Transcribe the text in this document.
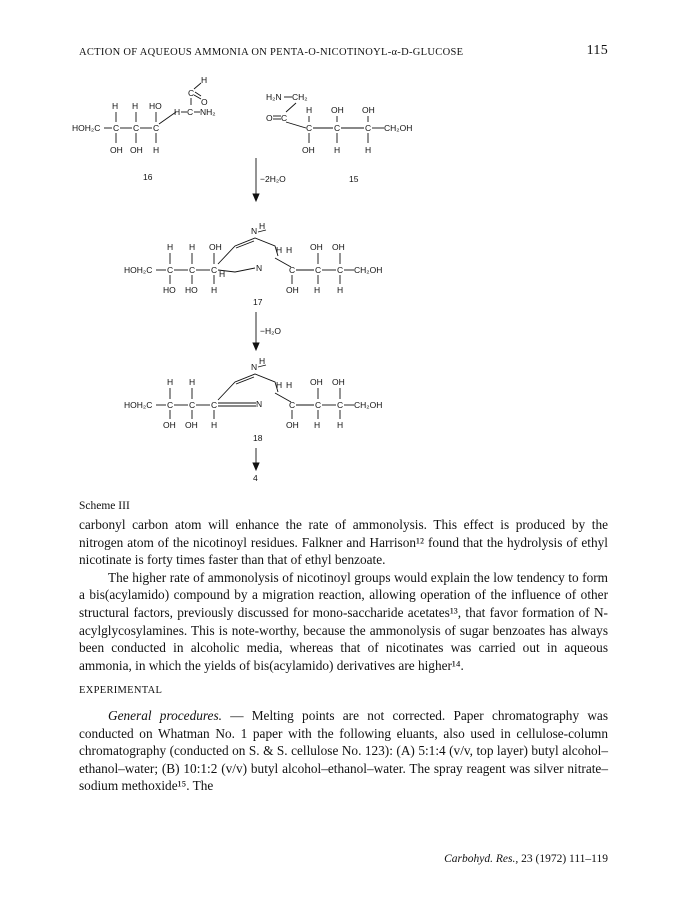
ACTION OF AQUEOUS AMMONIA ON PENTA-O-NICOTINOYL-α-D-GLUCOSE	115
HOH₂C C C C
H H HO
OH OH H
H C NH₂
C
H
O
16
H₂N CH₂
O C
C	C	C CH₂OH
H OH OH
OH H	H
15
−2H₂O
HOH₂C C C C
H H OH
HO HO H
H
N H
N
H H
C C C CH₂OH
OH OH
OH H H
17
−H₂O
HOH₂C C C C
H H
OH OH H
N
H
N
H H
C C C CH₂OH
OH OH
OH H H
18
4
Scheme III

carbonyl carbon atom will enhance the rate of ammonolysis. This effect is produced by the nitrogen atom of the nicotinoyl residues. Falkner and Harrison¹² found that the hydrolysis of ethyl nicotinate is forty times faster than that of ethyl benzoate.

The higher rate of ammonolysis of nicotinoyl groups would explain the low tendency to form a bis(acylamido) compound by a migration reaction, allowing operation of the influence of other structural factors, previously discussed for mono-saccharide acetates¹³, that favor formation of N-acylglycosylamines. This is note-worthy, because the ammonolysis of sugar benzoates has always been conducted in alcoholic media, whereas that of nicotinates was carried out in aqueous ammonia, in which the yields of bis(acylamido) derivatives are higher¹⁴.

EXPERIMENTAL

General procedures. — Melting points are not corrected. Paper chromatography was conducted on Whatman No. 1 paper with the following eluants, also used in cellulose-column chromatography (conducted on S. & S. cellulose No. 123): (A) 5:1:4 (v/v, top layer) butyl alcohol–ethanol–water; (B) 10:1:2 (v/v) butyl alcohol–ethanol–water. The spray reagent was silver nitrate–sodium methoxide¹⁵. The

Carbohyd. Res., 23 (1972) 111–119
